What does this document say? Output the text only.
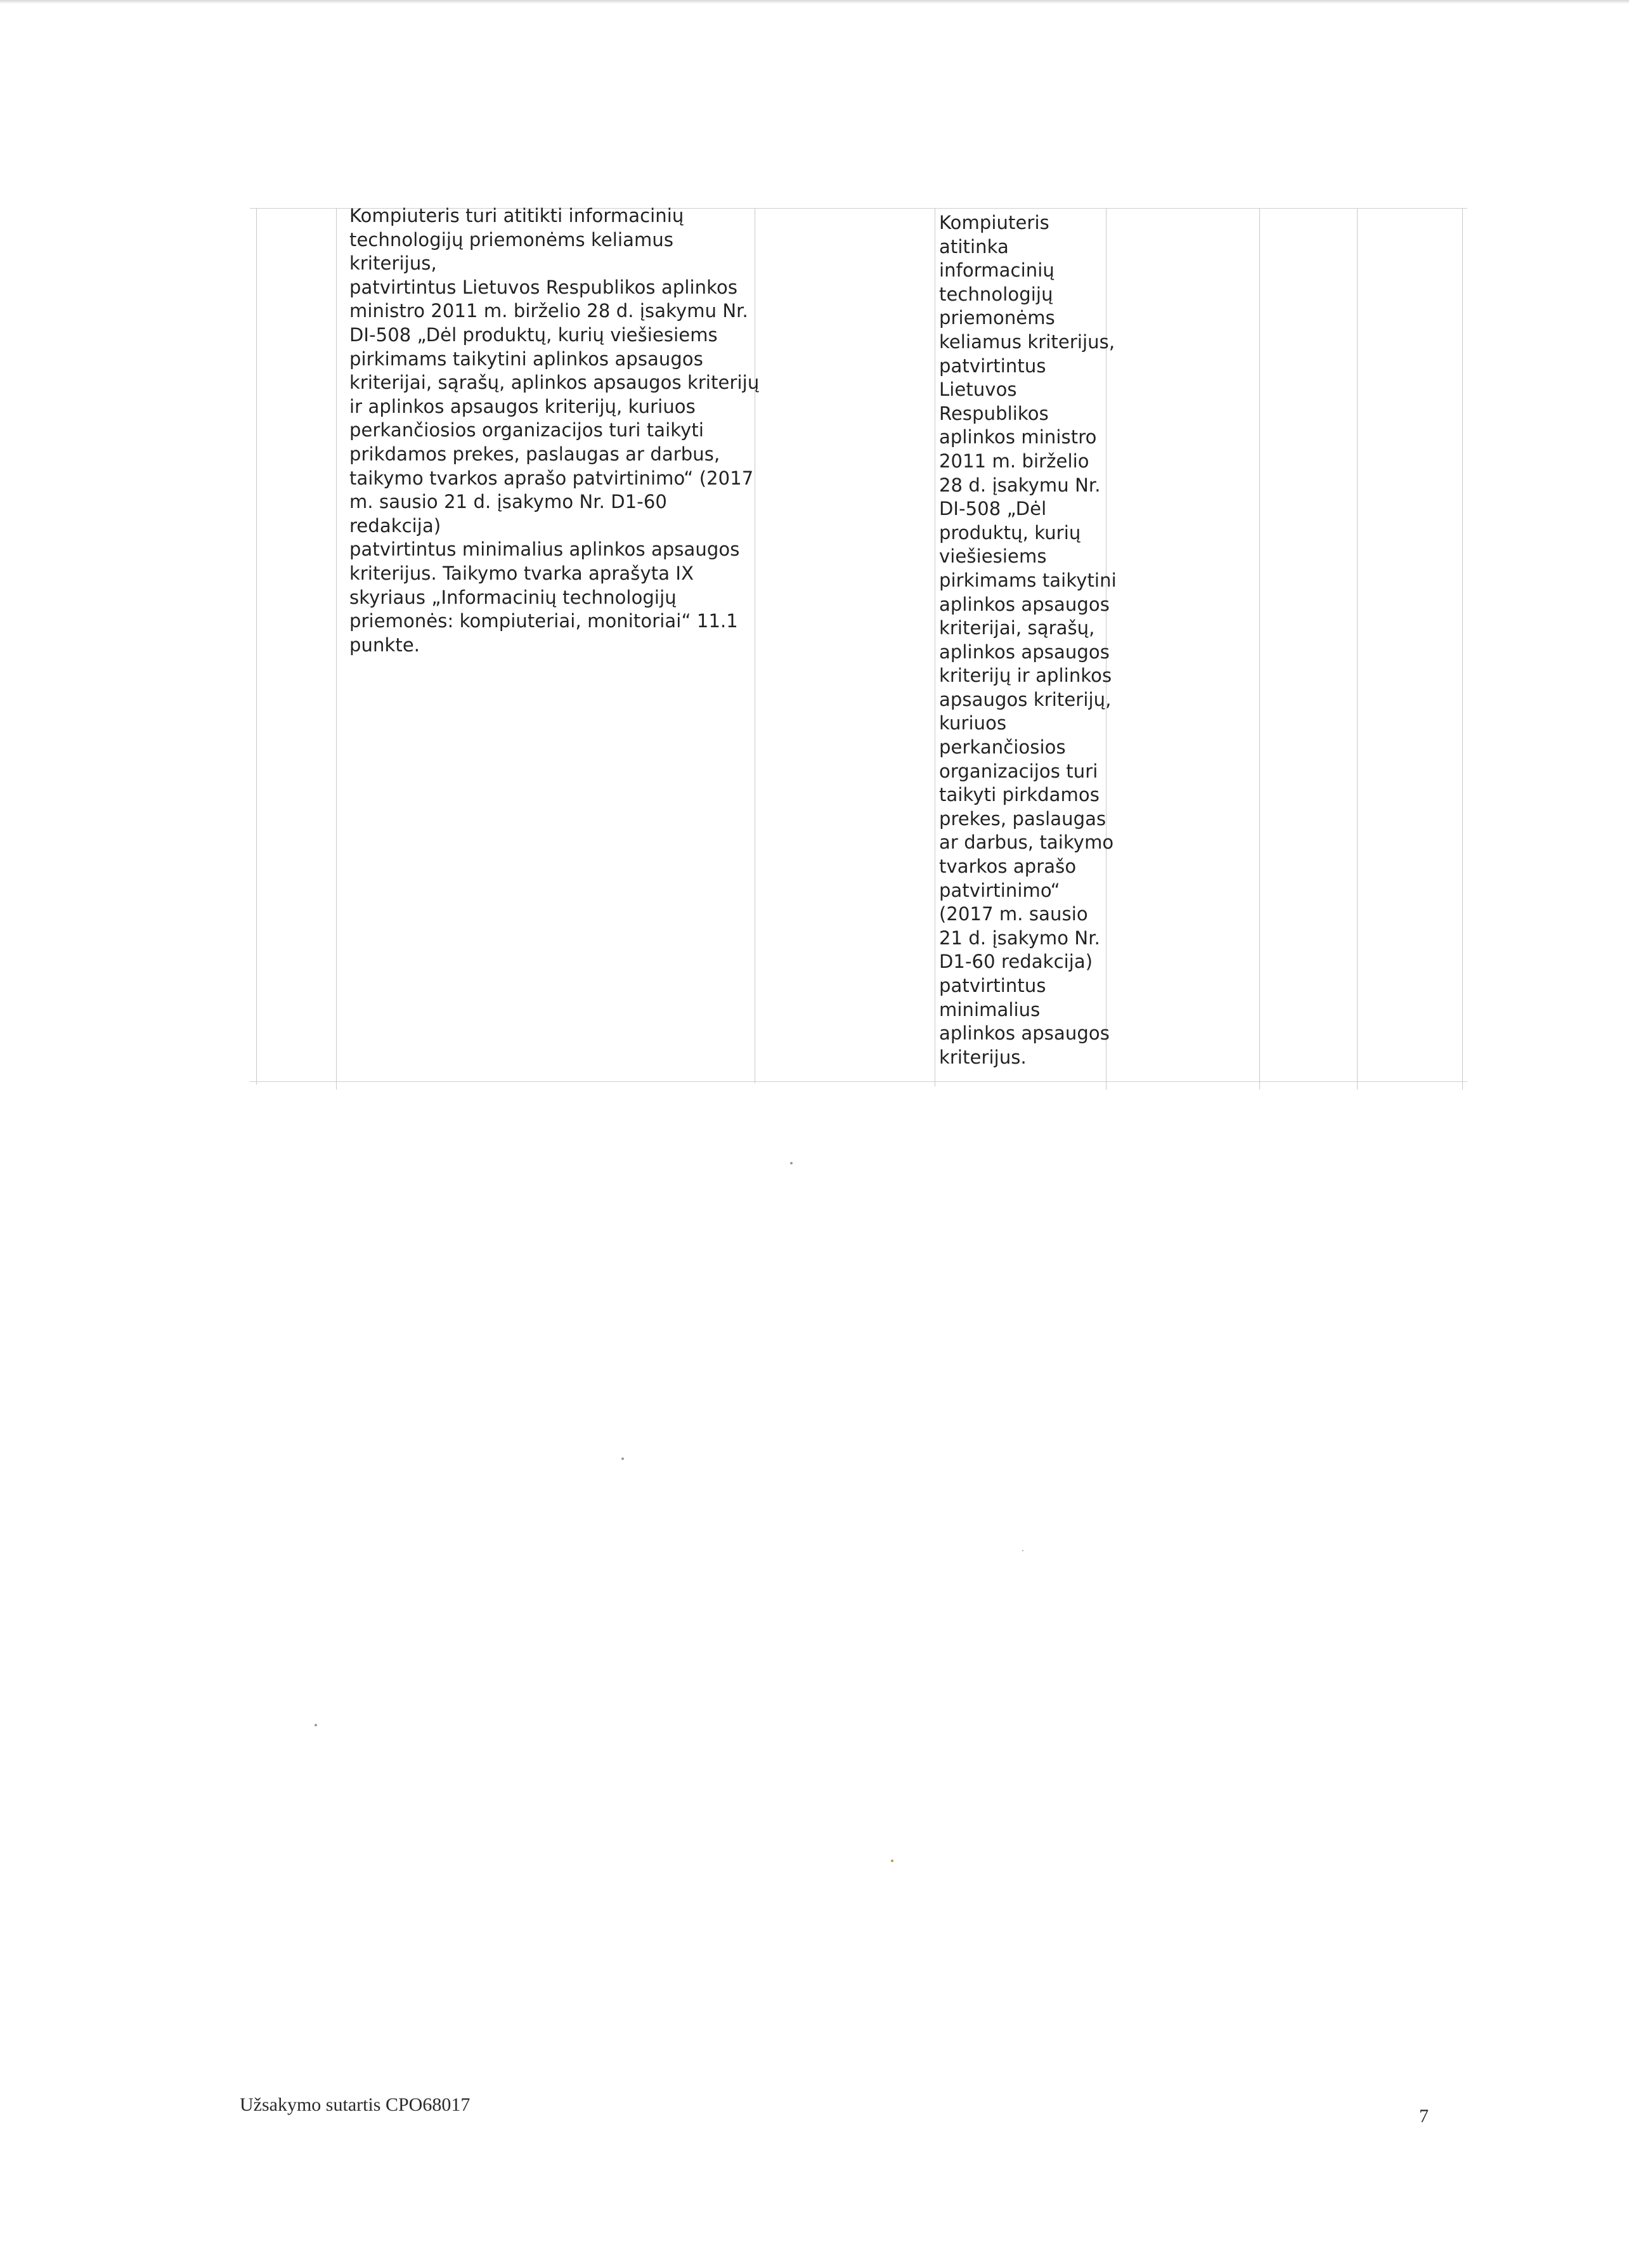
Kompiuteris turi atitikti informacinių
technologijų priemonėms keliamus kriterijus,
patvirtintus Lietuvos Respublikos aplinkos
ministro 2011 m. birželio 28 d. įsakymu Nr.
DI-508 „Dėl produktų, kurių viešiesiems
pirkimams taikytini aplinkos apsaugos
kriterijai, sąrašų, aplinkos apsaugos kriterijų
ir aplinkos apsaugos kriterijų, kuriuos
perkančiosios organizacijos turi taikyti
prikdamos prekes, paslaugas ar darbus,
taikymo tvarkos aprašo patvirtinimo“ (2017
m. sausio 21 d. įsakymo Nr. D1-60 redakcija)
patvirtintus minimalius aplinkos apsaugos
kriterijus. Taikymo tvarka aprašyta IX
skyriaus „Informacinių technologijų
priemonės: kompiuteriai, monitoriai“ 11.1
punkte.
Kompiuteris
atitinka
informacinių
technologijų
priemonėms
keliamus kriterijus,
patvirtintus
Lietuvos
Respublikos
aplinkos ministro
2011 m. birželio
28 d. įsakymu Nr.
DI-508 „Dėl
produktų, kurių
viešiesiems
pirkimams taikytini
aplinkos apsaugos
kriterijai, sąrašų,
aplinkos apsaugos
kriterijų ir aplinkos
apsaugos kriterijų,
kuriuos
perkančiosios
organizacijos turi
taikyti pirkdamos
prekes, paslaugas
ar darbus, taikymo
tvarkos aprašo
patvirtinimo“
(2017 m. sausio
21 d. įsakymo Nr.
D1-60 redakcija)
patvirtintus
minimalius
aplinkos apsaugos
kriterijus.
Užsakymo sutartis CPO68017
7
